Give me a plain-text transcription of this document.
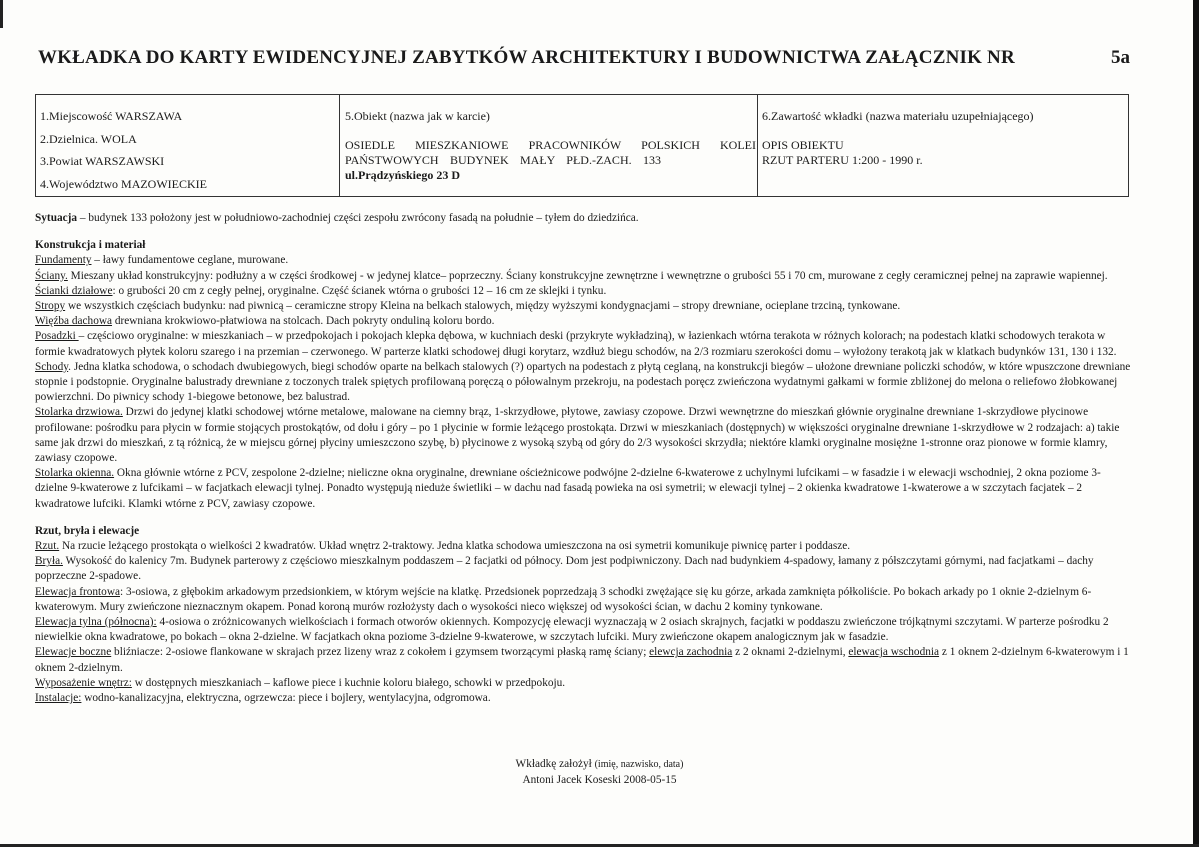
WKŁADKA DO KARTY EWIDENCYJNEJ ZABYTKÓW ARCHITEKTURY I BUDOWNICTWA ZAŁĄCZNIK NR	5a
1.Miejscowość WARSZAWA
2.Dzielnica. WOLA
3.Powiat WARSZAWSKI
4.Województwo MAZOWIECKIE

5.Obiekt (nazwa jak w karcie)
OSIEDLE MIESZKANIOWE PRACOWNIKÓW POLSKICH KOLEI
PAŃSTWOWYCH BUDYNEK MAŁY PŁD.-ZACH. 133
ul.Prądzyńskiego 23 D

6.Zawartość wkładki (nazwa materiału uzupełniającego)
OPIS OBIEKTU
RZUT PARTERU 1:200 - 1990 r.

Sytuacja – budynek 133 położony jest w południowo-zachodniej części zespołu zwrócony fasadą na południe – tyłem do dziedzińca.

Konstrukcja i materiał

Fundamenty – ławy fundamentowe ceglane, murowane.

Ściany. Mieszany układ konstrukcyjny: podłużny a w części środkowej - w jedynej klatce– poprzeczny. Ściany konstrukcyjne zewnętrzne i wewnętrzne o grubości 55 i 70 cm, murowane z cegły ceramicznej pełnej na zaprawie wapiennej.

Ścianki działowe: o grubości 20 cm z cegły pełnej, oryginalne. Część ścianek wtórna o grubości 12 – 16 cm ze sklejki i tynku.

Stropy we wszystkich częściach budynku: nad piwnicą – ceramiczne stropy Kleina na belkach stalowych, między wyższymi kondygnacjami – stropy drewniane, ocieplane trzciną, tynkowane.

Więźba dachowa drewniana krokwiowo-płatwiowa na stolcach. Dach pokryty onduliną koloru bordo.

Posadzki – częściowo oryginalne: w mieszkaniach – w przedpokojach i pokojach klepka dębowa, w kuchniach deski (przykryte wykładziną), w łazienkach wtórna terakota w różnych kolorach; na podestach klatki schodowych terakota w formie kwadratowych płytek koloru szarego i na przemian – czerwonego. W parterze klatki schodowej długi korytarz, wzdłuż biegu schodów, na 2/3 rozmiaru szerokości domu – wyłożony terakotą jak w klatkach budynków 131, 130 i 132.

Schody. Jedna klatka schodowa, o schodach dwubiegowych, biegi schodów oparte na belkach stalowych (?) opartych na podestach z płytą ceglaną, na konstrukcji biegów – ułożone drewniane policzki schodów, w które wpuszczone drewniane stopnie i podstopnie. Oryginalne balustrady drewniane z toczonych tralek spiętych profilowaną poręczą o półowalnym przekroju, na podestach poręcz zwieńczona wydatnymi gałkami w formie zbliżonej do melona o reliefowo żłobkowanej powierzchni. Do piwnicy schody 1-biegowe betonowe, bez balustrad.

Stolarka drzwiowa. Drzwi do jedynej klatki schodowej wtórne metalowe, malowane na ciemny brąz, 1-skrzydłowe, płytowe, zawiasy czopowe. Drzwi wewnętrzne do mieszkań głównie oryginalne drewniane 1-skrzydłowe płycinowe profilowane: pośrodku para płycin w formie stojących prostokątów, od dołu i góry – po 1 płycinie w formie leżącego prostokąta. Drzwi w mieszkaniach (dostępnych) w większości oryginalne drewniane 1-skrzydłowe w 2 rodzajach: a) takie same jak drzwi do mieszkań, z tą różnicą, że w miejscu górnej płyciny umieszczono szybę, b) płycinowe z wysoką szybą od góry do 2/3 wysokości skrzydła; niektóre klamki oryginalne mosiężne 1-stronne oraz pionowe w formie klamry, zawiasy czopowe.

Stolarka okienna. Okna głównie wtórne z PCV, zespolone 2-dzielne; nieliczne okna oryginalne, drewniane ościeżnicowe podwójne 2-dzielne 6-kwaterowe z uchylnymi lufcikami – w fasadzie i w elewacji wschodniej, 2 okna poziome 3-dzielne 9-kwaterowe z lufcikami – w facjatkach elewacji tylnej. Ponadto występują nieduże świetliki – w dachu nad fasadą powieka na osi symetrii; w elewacji tylnej – 2 okienka kwadratowe 1-kwaterowe a w szczytach facjatek – 2 kwadratowe lufciki. Klamki wtórne z PCV, zawiasy czopowe.

Rzut, bryła i elewacje

Rzut. Na rzucie leżącego prostokąta o wielkości 2 kwadratów. Układ wnętrz 2-traktowy. Jedna klatka schodowa umieszczona na osi symetrii komunikuje piwnicę parter i poddasze.

Bryła. Wysokość do kalenicy 7m. Budynek parterowy z częściowo mieszkalnym poddaszem – 2 facjatki od północy. Dom jest podpiwniczony. Dach nad budynkiem 4-spadowy, łamany z półszczytami górnymi, nad facjatkami – dachy poprzeczne 2-spadowe.

Elewacja frontowa: 3-osiowa, z głębokim arkadowym przedsionkiem, w którym wejście na klatkę. Przedsionek poprzedzają 3 schodki zwężające się ku górze, arkada zamknięta półkoliście. Po bokach arkady po 1 oknie 2-dzielnym 6-kwaterowym. Mury zwieńczone nieznacznym okapem. Ponad koroną murów rozłożysty dach o wysokości nieco większej od wysokości ścian, w dachu 2 kominy tynkowane.

Elewacja tylna (północna): 4-osiowa o zróżnicowanych wielkościach i formach otworów okiennych. Kompozycję elewacji wyznaczają w 2 osiach skrajnych, facjatki w poddaszu zwieńczone trójkątnymi szczytami. W parterze pośrodku 2 niewielkie okna kwadratowe, po bokach – okna 2-dzielne. W facjatkach okna poziome 3-dzielne 9-kwaterowe, w szczytach lufciki. Mury zwieńczone okapem analogicznym jak w fasadzie.

Elewacje boczne bliźniacze: 2-osiowe flankowane w skrajach przez lizeny wraz z cokołem i gzymsem tworzącymi płaską ramę ściany; elewcja zachodnia z 2 oknami 2-dzielnymi, elewacja wschodnia z 1 oknem 2-dzielnym 6-kwaterowym i 1 oknem 2-dzielnym.

Wyposażenie wnętrz: w dostępnych mieszkaniach – kaflowe piece i kuchnie koloru białego, schowki w przedpokoju.

Instalacje: wodno-kanalizacyjna, elektryczna, ogrzewcza: piece i bojlery, wentylacyjna, odgromowa.

Wkładkę założył (imię, nazwisko, data)
Antoni Jacek Koseski 2008-05-15
